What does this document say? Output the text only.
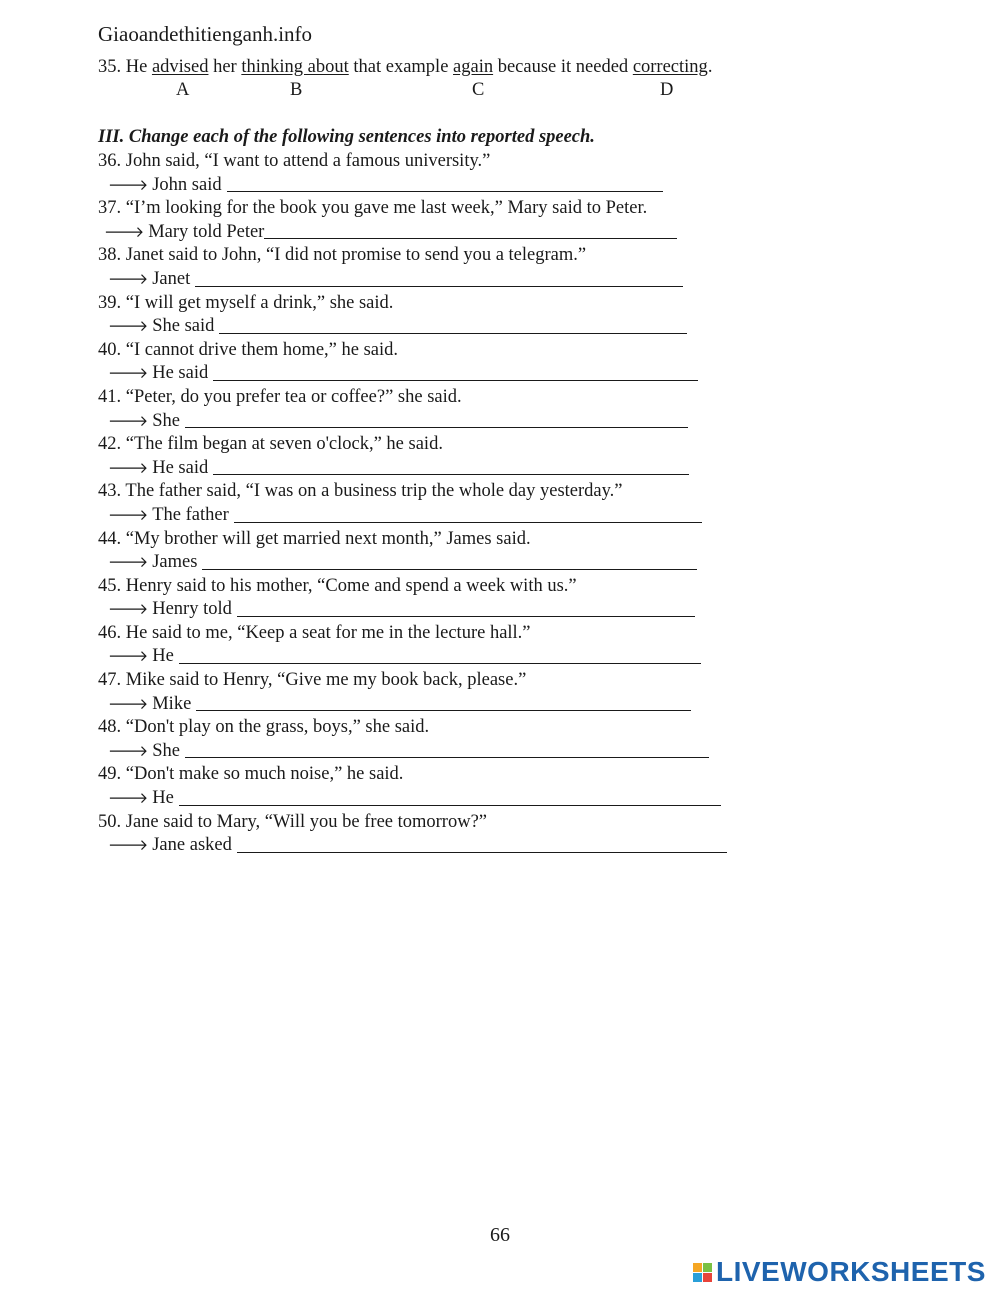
Giaoandethitienganh.info
35. He advised her thinking about that example again because it needed correcting.
A	B	C	D
III. Change each of the following sentences into reported speech.
36. John said, “I want to attend a famous university.”
🡒 John said
37. “I’m looking for the book you gave me last week,” Mary said to Peter.
🡒 Mary told Peter
38. Janet said to John, “I did not promise to send you a telegram.”
🡒 Janet
39. “I will get myself a drink,” she said.
🡒 She said
40. “I cannot drive them home,” he said.
🡒 He said
41. “Peter, do you prefer tea or coffee?” she said.
🡒 She
42. “The film began at seven o'clock,” he said.
🡒 He said
43. The father said, “I was on a business trip the whole day yesterday.”
🡒 The father
44. “My brother will get married next month,” James said.
🡒 James
45. Henry said to his mother, “Come and spend a week with us.”
🡒 Henry told
46. He said to me, “Keep a seat for me in the lecture hall.”
🡒 He
47. Mike said to Henry, “Give me my book back, please.”
🡒 Mike
48. “Don't play on the grass, boys,” she said.
🡒 She
49. “Don't make so much noise,” he said.
🡒 He
50. Jane said to Mary, “Will you be free tomorrow?”
🡒 Jane asked
66
LIVEWORKSHEETS
